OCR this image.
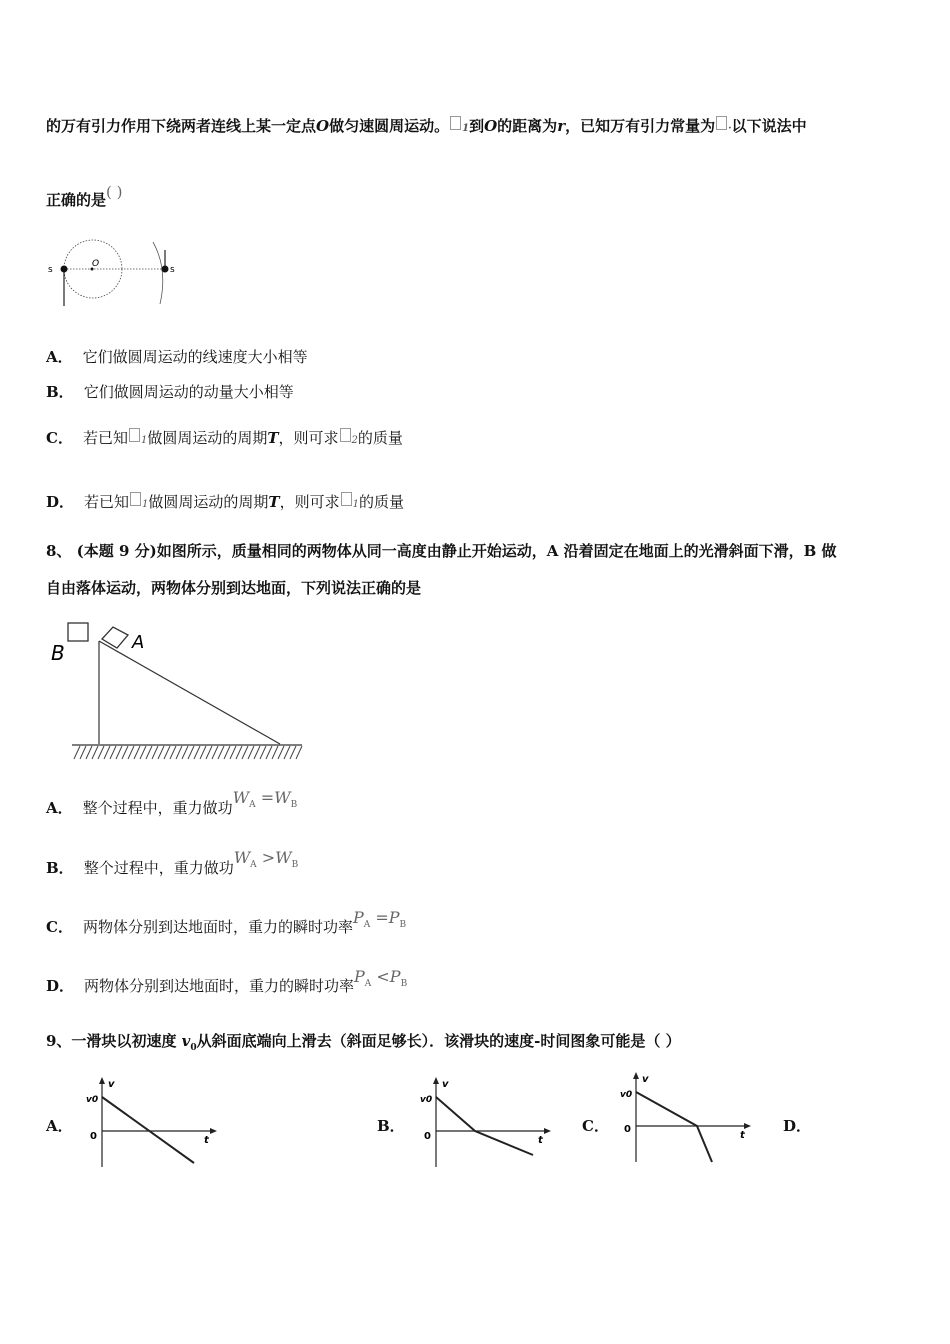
的万有引力作用下绕两者连线上某一定点O做匀速圆周运动。 1到O的距离为r，已知万有引力常量为 ·以下说法中
正确的是( )
s	s
O
A． 它们做圆周运动的线速度大小相等
B． 它们做圆周运动的动量大小相等
C． 若已知 1做圆周运动的周期T，则可求 2的质量
D． 若已知 1做圆周运动的周期T，则可求 1的质量
8、 (本题 9 分)如图所示，质量相同的两物体从同一高度由静止开始运动，A 沿着固定在地面上的光滑斜面下滑，B 做
自由落体运动，两物体分别到达地面，下列说法正确的是
B	A
A． 整个过程中，重力做功$W_A =W_B$
B． 整个过程中，重力做功$W_A >W_B$
C． 两物体分别到达地面时，重力的瞬时功率$P_A =P_B$
D． 两物体分别到达地面时，重力的瞬时功率$P_A <P_B$
9、一滑块以初速度 $v_0$从斜面底端向上滑去（斜面足够长）．该滑块的速度-时间图象可能是（ ）
A．	B．	C．	D．
v
v0
0	t
v
v0
0	t
v
v0
0
t
